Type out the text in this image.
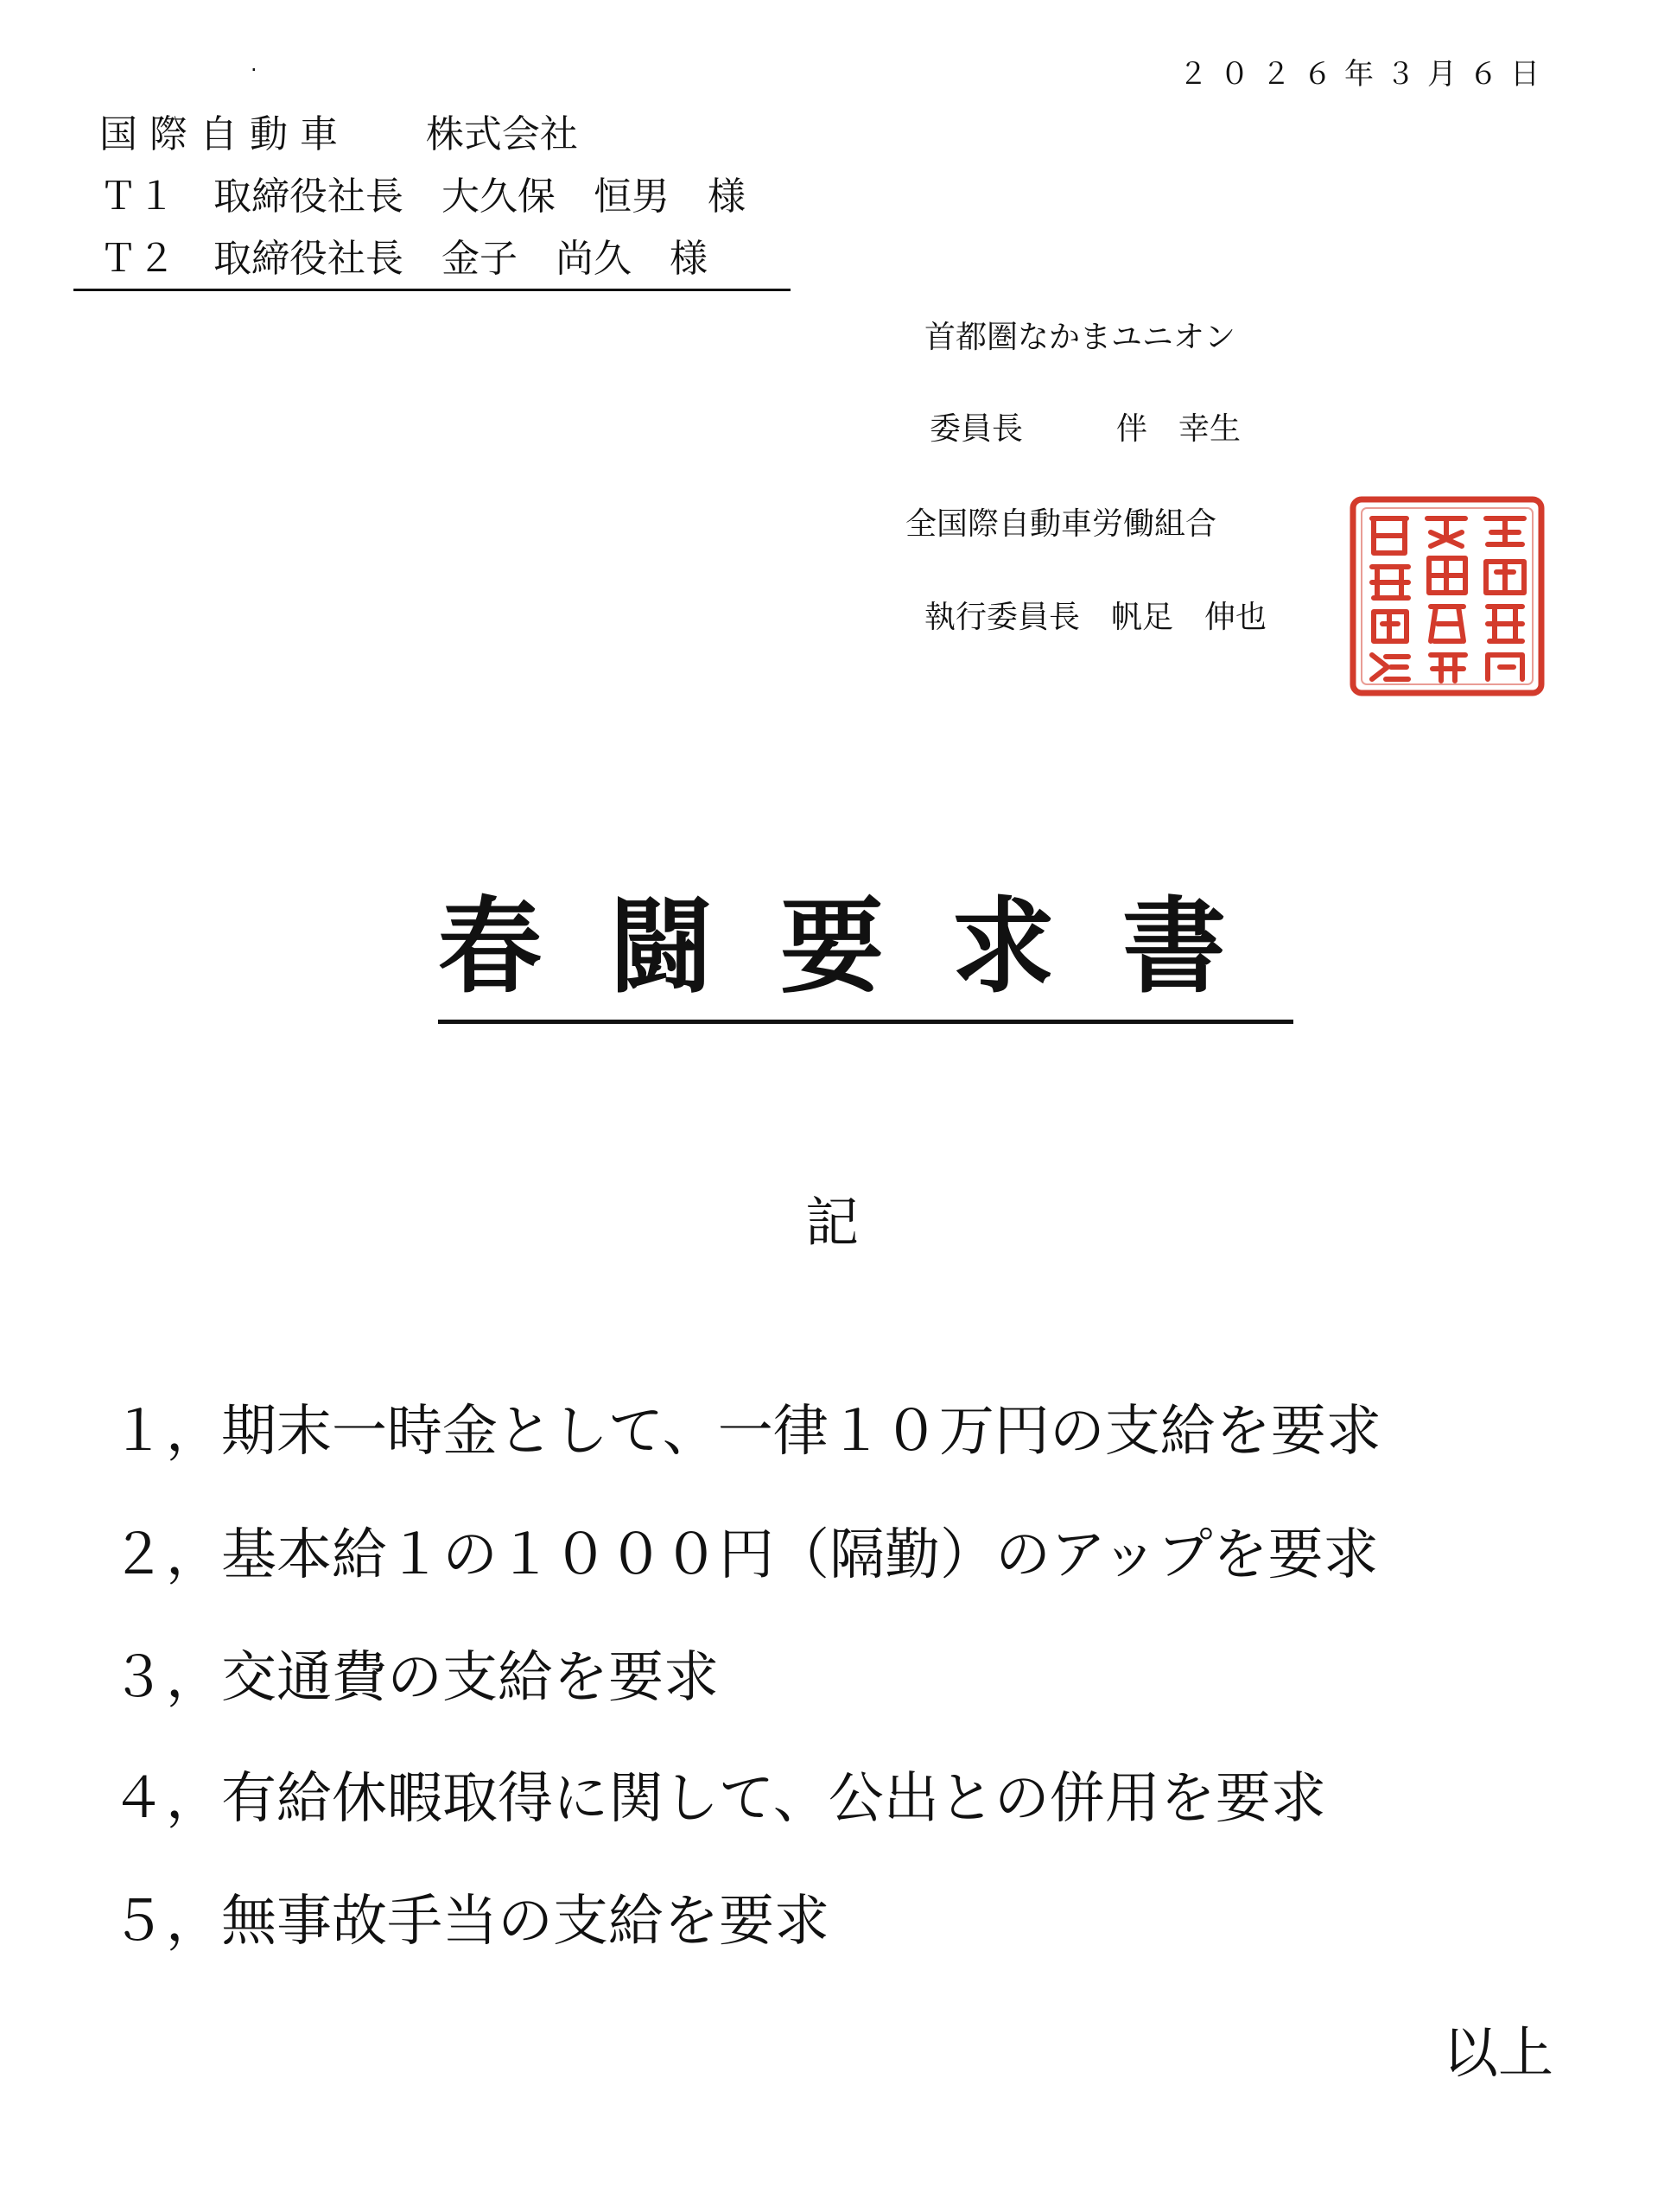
.	２０２６年３月６日
国 際 自 動 車　　 株式会社
Ｔ１　取締役社長　大久保　恒男　様
Ｔ２　取締役社長　金子　尚久　様
首都圏なかまユニオン
委員長　　　伴　幸生
全国際自動車労働組合
執行委員長　帆足　伸也
春闘要求書
記
１，期末一時金として、一律１０万円の支給を要求
２，基本給１の１０００円（隔勤）のアップを要求
３，交通費の支給を要求
４，有給休暇取得に関して、公出との併用を要求
５，無事故手当の支給を要求
以上
